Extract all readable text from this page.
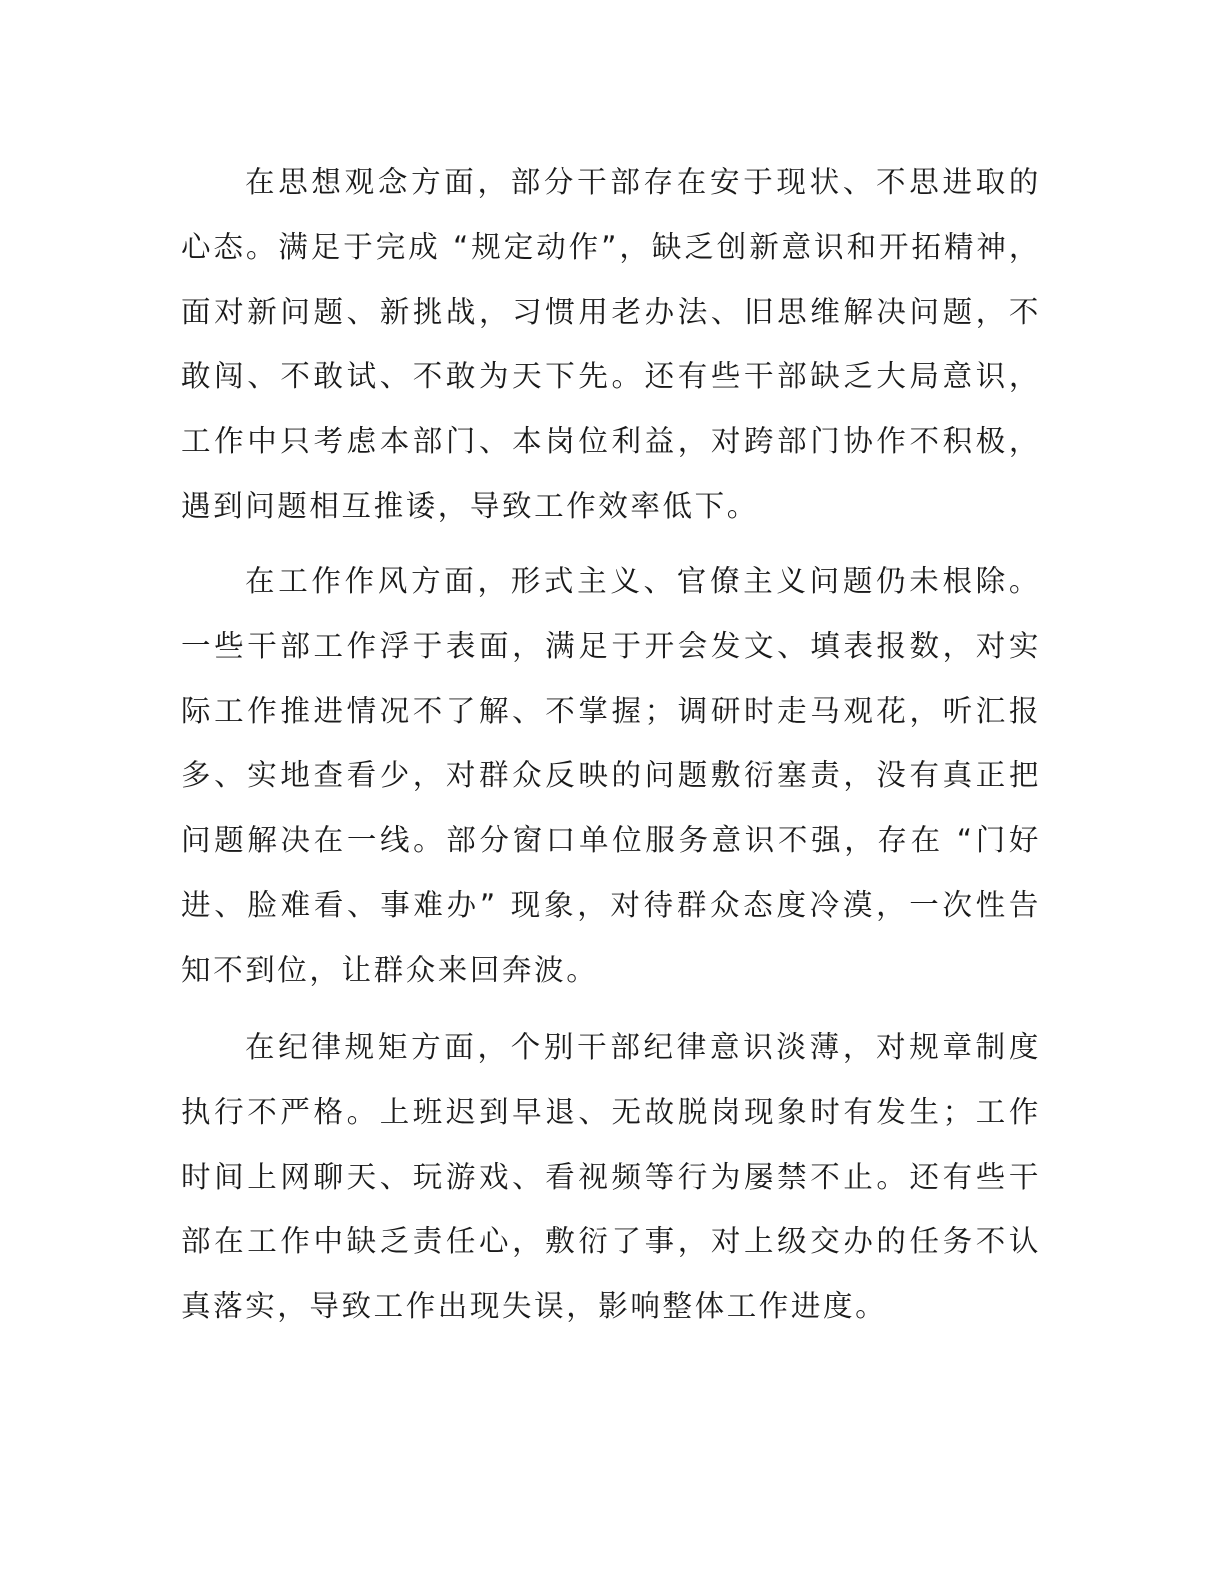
在思想观念方面，部分干部存在安于现状、不思进取的心态。满足于完成 “规定动作”，缺乏创新意识和开拓精神，面对新问题、新挑战，习惯用老办法、旧思维解决问题，不敢闯、不敢试、不敢为天下先。还有些干部缺乏大局意识，工作中只考虑本部门、本岗位利益，对跨部门协作不积极，遇到问题相互推诿，导致工作效率低下。

在工作作风方面，形式主义、官僚主义问题仍未根除。一些干部工作浮于表面，满足于开会发文、填表报数，对实际工作推进情况不了解、不掌握；调研时走马观花，听汇报多、实地查看少，对群众反映的问题敷衍塞责，没有真正把问题解决在一线。部分窗口单位服务意识不强，存在 “门好进、脸难看、事难办” 现象，对待群众态度冷漠，一次性告知不到位，让群众来回奔波。

在纪律规矩方面，个别干部纪律意识淡薄，对规章制度执行不严格。上班迟到早退、无故脱岗现象时有发生；工作时间上网聊天、玩游戏、看视频等行为屡禁不止。还有些干部在工作中缺乏责任心，敷衍了事，对上级交办的任务不认真落实，导致工作出现失误，影响整体工作进度。
